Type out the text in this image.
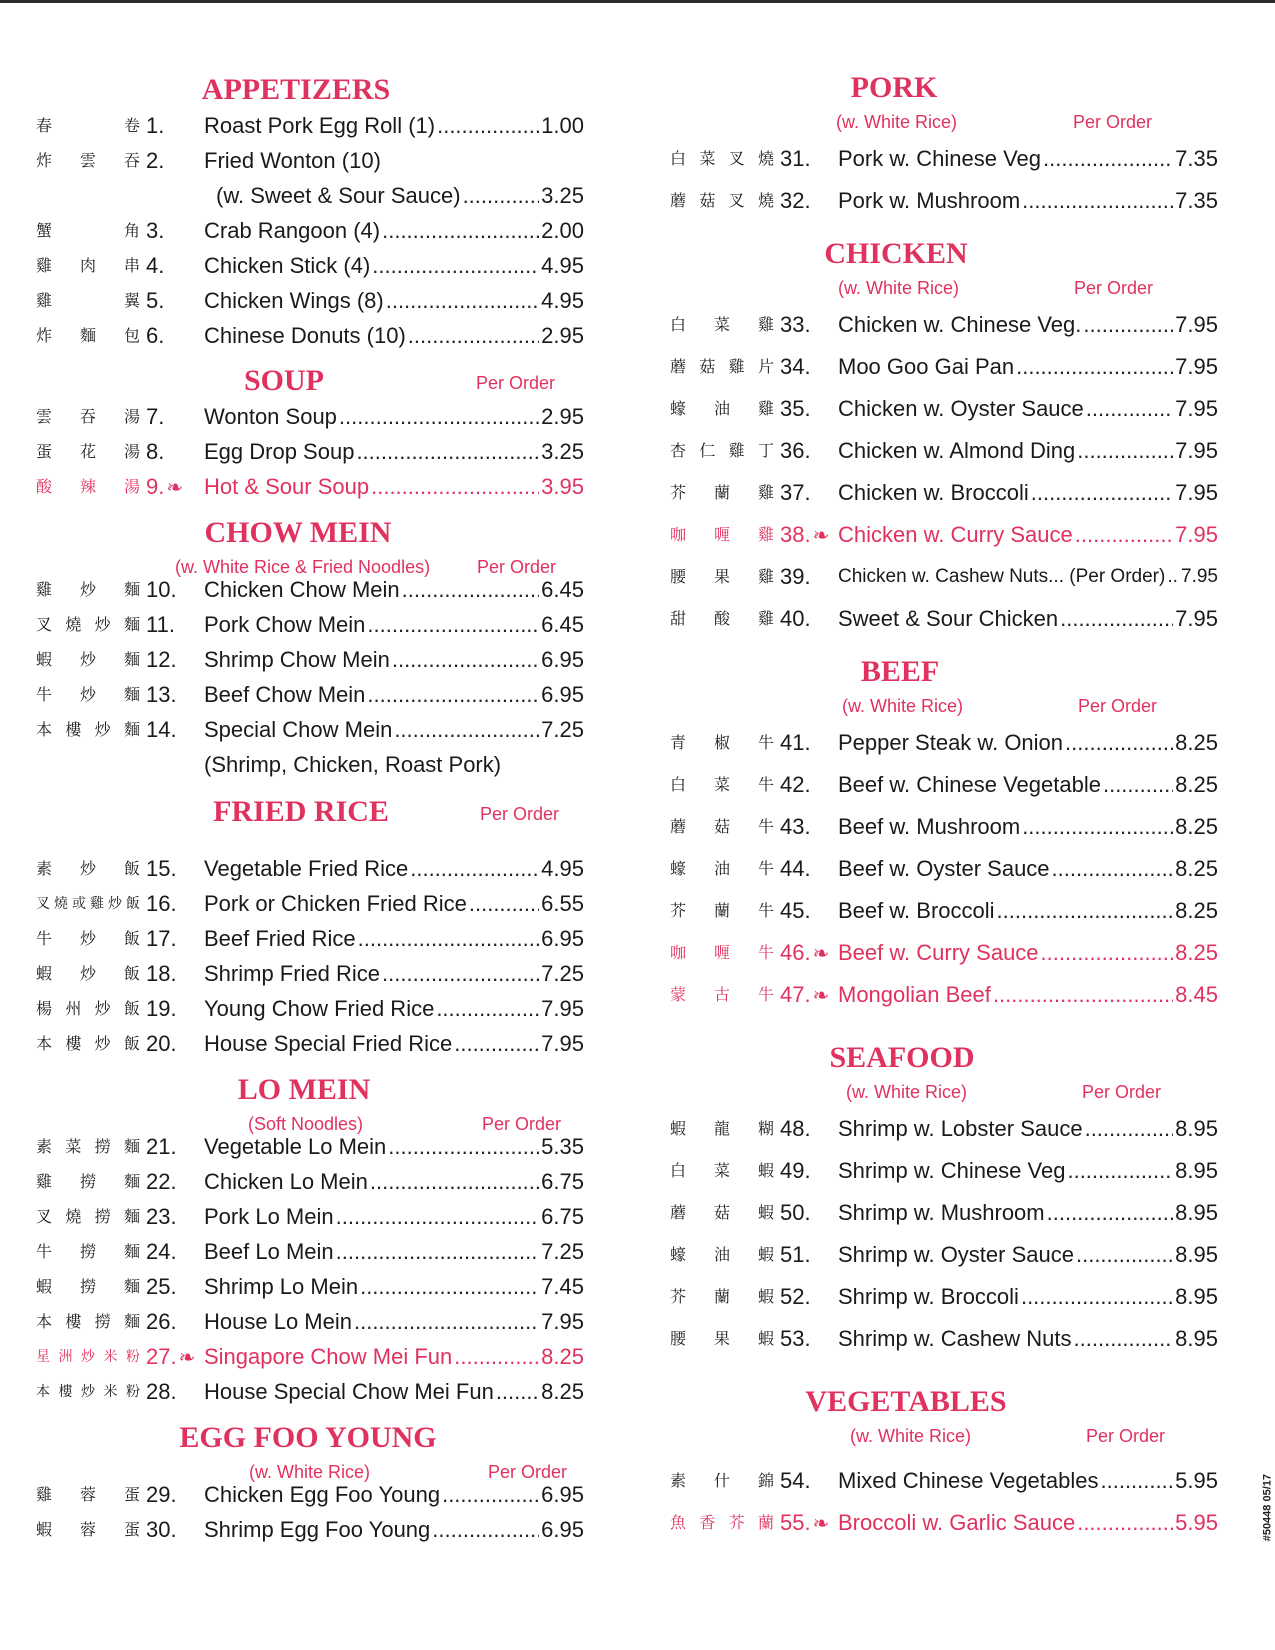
APPETIZERS
春	卷 1. Roast Pork Egg Roll (1) .....	1.00
炸 雲 吞 2. Fried Wonton (10)
(w. Sweet & Sour Sauce) .....	3.25
蟹	角 3. Crab Rangoon (4) .....	2.00
雞 肉 串 4. Chicken Stick (4) .....	4.95
雞	翼 5. Chicken Wings (8) .....	4.95
炸 麵 包 6. Chinese Donuts (10) .....	2.95
SOUP	Per Order
雲 吞 湯 7. Wonton Soup .....	2.95
蛋 花 湯 8. Egg Drop Soup .....	3.25
酸 辣 湯 9. ❧ Hot & Sour Soup .....	3.95
CHOW MEIN
(w. White Rice & Fried Noodles)	Per Order
雞 炒 麵 10. Chicken Chow Mein .....	6.45
叉 燒 炒 麵 11. Pork Chow Mein .....	6.45
蝦 炒 麵 12. Shrimp Chow Mein .....	6.95
牛 炒 麵 13. Beef Chow Mein .....	6.95
本 樓 炒 麵 14. Special Chow Mein .....	7.25
(Shrimp, Chicken, Roast Pork)
FRIED RICE	Per Order
素 炒 飯 15. Vegetable Fried Rice .....	4.95
叉 燒 或 雞 炒 飯 16. Pork or Chicken Fried Rice .....	6.55
牛 炒 飯 17. Beef Fried Rice .....	6.95
蝦 炒 飯 18. Shrimp Fried Rice .....	7.25
楊 州 炒 飯 19. Young Chow Fried Rice .....	7.95
本 樓 炒 飯 20. House Special Fried Rice .....	7.95
LO MEIN
(Soft Noodles)	Per Order
素 菜 撈 麵 21. Vegetable Lo Mein .....	5.35
雞 撈 麵 22. Chicken Lo Mein .....	6.75
叉 燒 撈 麵 23. Pork Lo Mein .....	6.75
牛 撈 麵 24. Beef Lo Mein .....	7.25
蝦 撈 麵 25. Shrimp Lo Mein .....	7.45
本 樓 撈 麵 26. House Lo Mein .....	7.95
星 洲 炒 米 粉 27. ❧ Singapore Chow Mei Fun .....	8.25
本 樓 炒 米 粉 28. House Special Chow Mei Fun ..... 8.25
EGG FOO YOUNG
(w. White Rice)	Per Order
雞 蓉 蛋 29. Chicken Egg Foo Young .....	6.95
蝦 蓉 蛋 30. Shrimp Egg Foo Young .....	6.95
PORK
(w. White Rice)	Per Order
白 菜 叉 燒 31. Pork w. Chinese Veg .....	7.35
蘑 菇 叉 燒 32. Pork w. Mushroom .....	7.35
CHICKEN
(w. White Rice)	Per Order
白 菜 雞 33. Chicken w. Chinese Veg. .....	7.95
蘑 菇 雞 片 34. Moo Goo Gai Pan .....	7.95
蠔 油 雞 35. Chicken w. Oyster Sauce .....	7.95
杏 仁 雞 丁 36. Chicken w. Almond Ding .....	7.95
芥 蘭 雞 37. Chicken w. Broccoli .....	7.95
咖 喱 雞 38. ❧ Chicken w. Curry Sauce .....	7.95
腰 果 雞 39. Chicken w. Cashew Nuts... (Per Order) ..... 7.95
甜 酸 雞 40. Sweet & Sour Chicken .....	7.95
BEEF
(w. White Rice)	Per Order
青 椒 牛 41. Pepper Steak w. Onion .....	8.25
白 菜 牛 42. Beef w. Chinese Vegetable .....	8.25
蘑 菇 牛 43. Beef w. Mushroom .....	8.25
蠔 油 牛 44. Beef w. Oyster Sauce .....	8.25
芥 蘭 牛 45. Beef w. Broccoli .....	8.25
咖 喱 牛 46. ❧ Beef w. Curry Sauce .....	8.25
蒙 古 牛 47. ❧ Mongolian Beef .....	8.45
SEAFOOD
(w. White Rice)	Per Order
蝦 龍 糊 48. Shrimp w. Lobster Sauce .....	8.95
白 菜 蝦 49. Shrimp w. Chinese Veg .....	8.95
蘑 菇 蝦 50. Shrimp w. Mushroom .....	8.95
蠔 油 蝦 51. Shrimp w. Oyster Sauce .....	8.95
芥 蘭 蝦 52. Shrimp w. Broccoli .....	8.95
腰 果 蝦 53. Shrimp w. Cashew Nuts .....	8.95
VEGETABLES
(w. White Rice)	Per Order
素 什 錦 54. Mixed Chinese Vegetables .....	5.95
魚 香 芥 蘭 55. ❧ Broccoli w. Garlic Sauce .....	5.95	#50448 05/17
